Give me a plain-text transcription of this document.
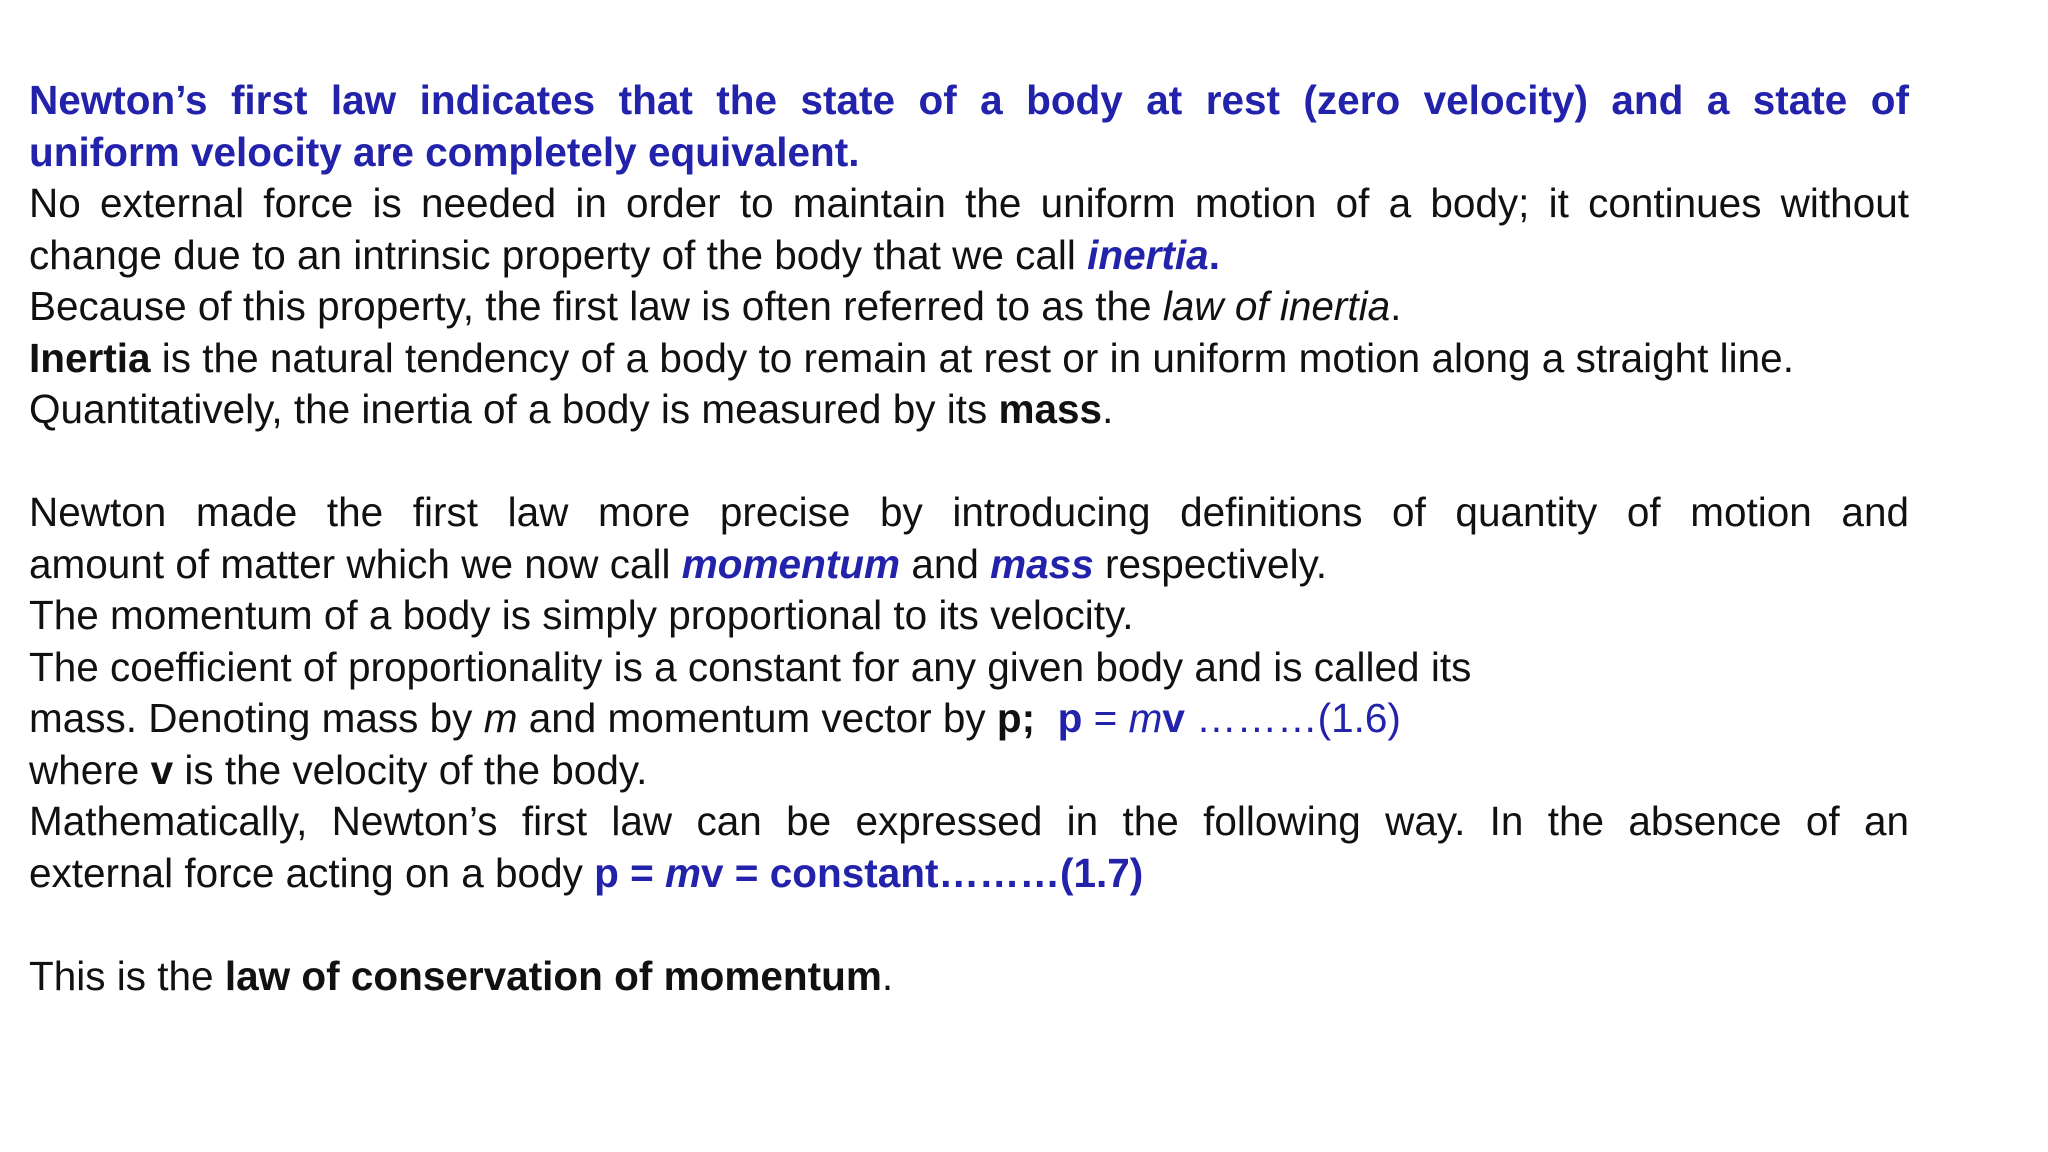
Newton’s first law indicates that the state of a body at rest (zero velocity) and a state of

uniform velocity are completely equivalent.

No external force is needed in order to maintain the uniform motion of a body; it continues without

change due to an intrinsic property of the body that we call inertia.

Because of this property, the first law is often referred to as the law of inertia.

Inertia is the natural tendency of a body to remain at rest or in uniform motion along a straight line.

Quantitatively, the inertia of a body is measured by its mass.

Newton made the first law more precise by introducing definitions of quantity of motion and

amount of matter which we now call momentum and mass respectively.

The momentum of a body is simply proportional to its velocity.

The coefficient of proportionality is a constant for any given body and is called its

mass. Denoting mass by m and momentum vector by p; p = mv ………(1.6)

where v is the velocity of the body.

Mathematically, Newton’s first law can be expressed in the following way. In the absence of an

external force acting on a body p = mv = constant………(1.7)

This is the law of conservation of momentum.
